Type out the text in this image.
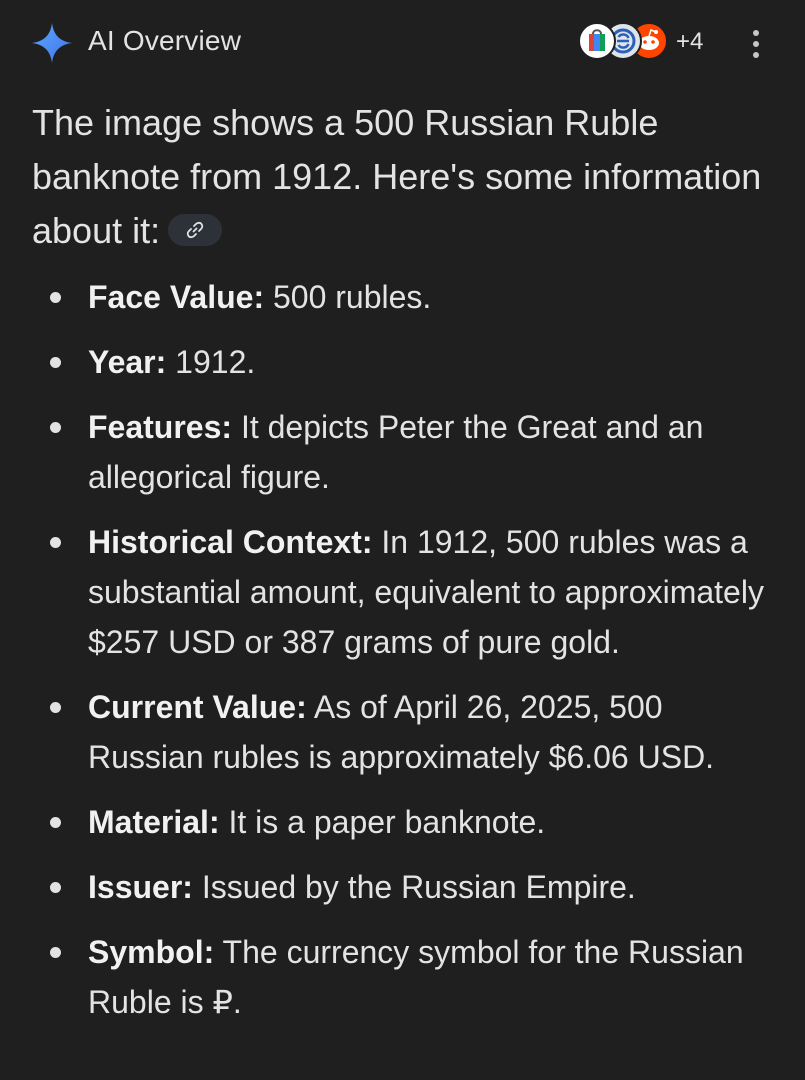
AI Overview	+4

The image shows a 500 Russian Ruble banknote from 1912. Here's some information about it:

Face Value: 500 rubles.
Year: 1912.
Features: It depicts Peter the Great and an allegorical figure.
Historical Context: In 1912, 500 rubles was a substantial amount, equivalent to approximately $257 USD or 387 grams of pure gold.
Current Value: As of April 26, 2025, 500 Russian rubles is approximately $6.06 USD.
Material: It is a paper banknote.
Issuer: Issued by the Russian Empire.
Symbol: The currency symbol for the Russian Ruble is ₽.
